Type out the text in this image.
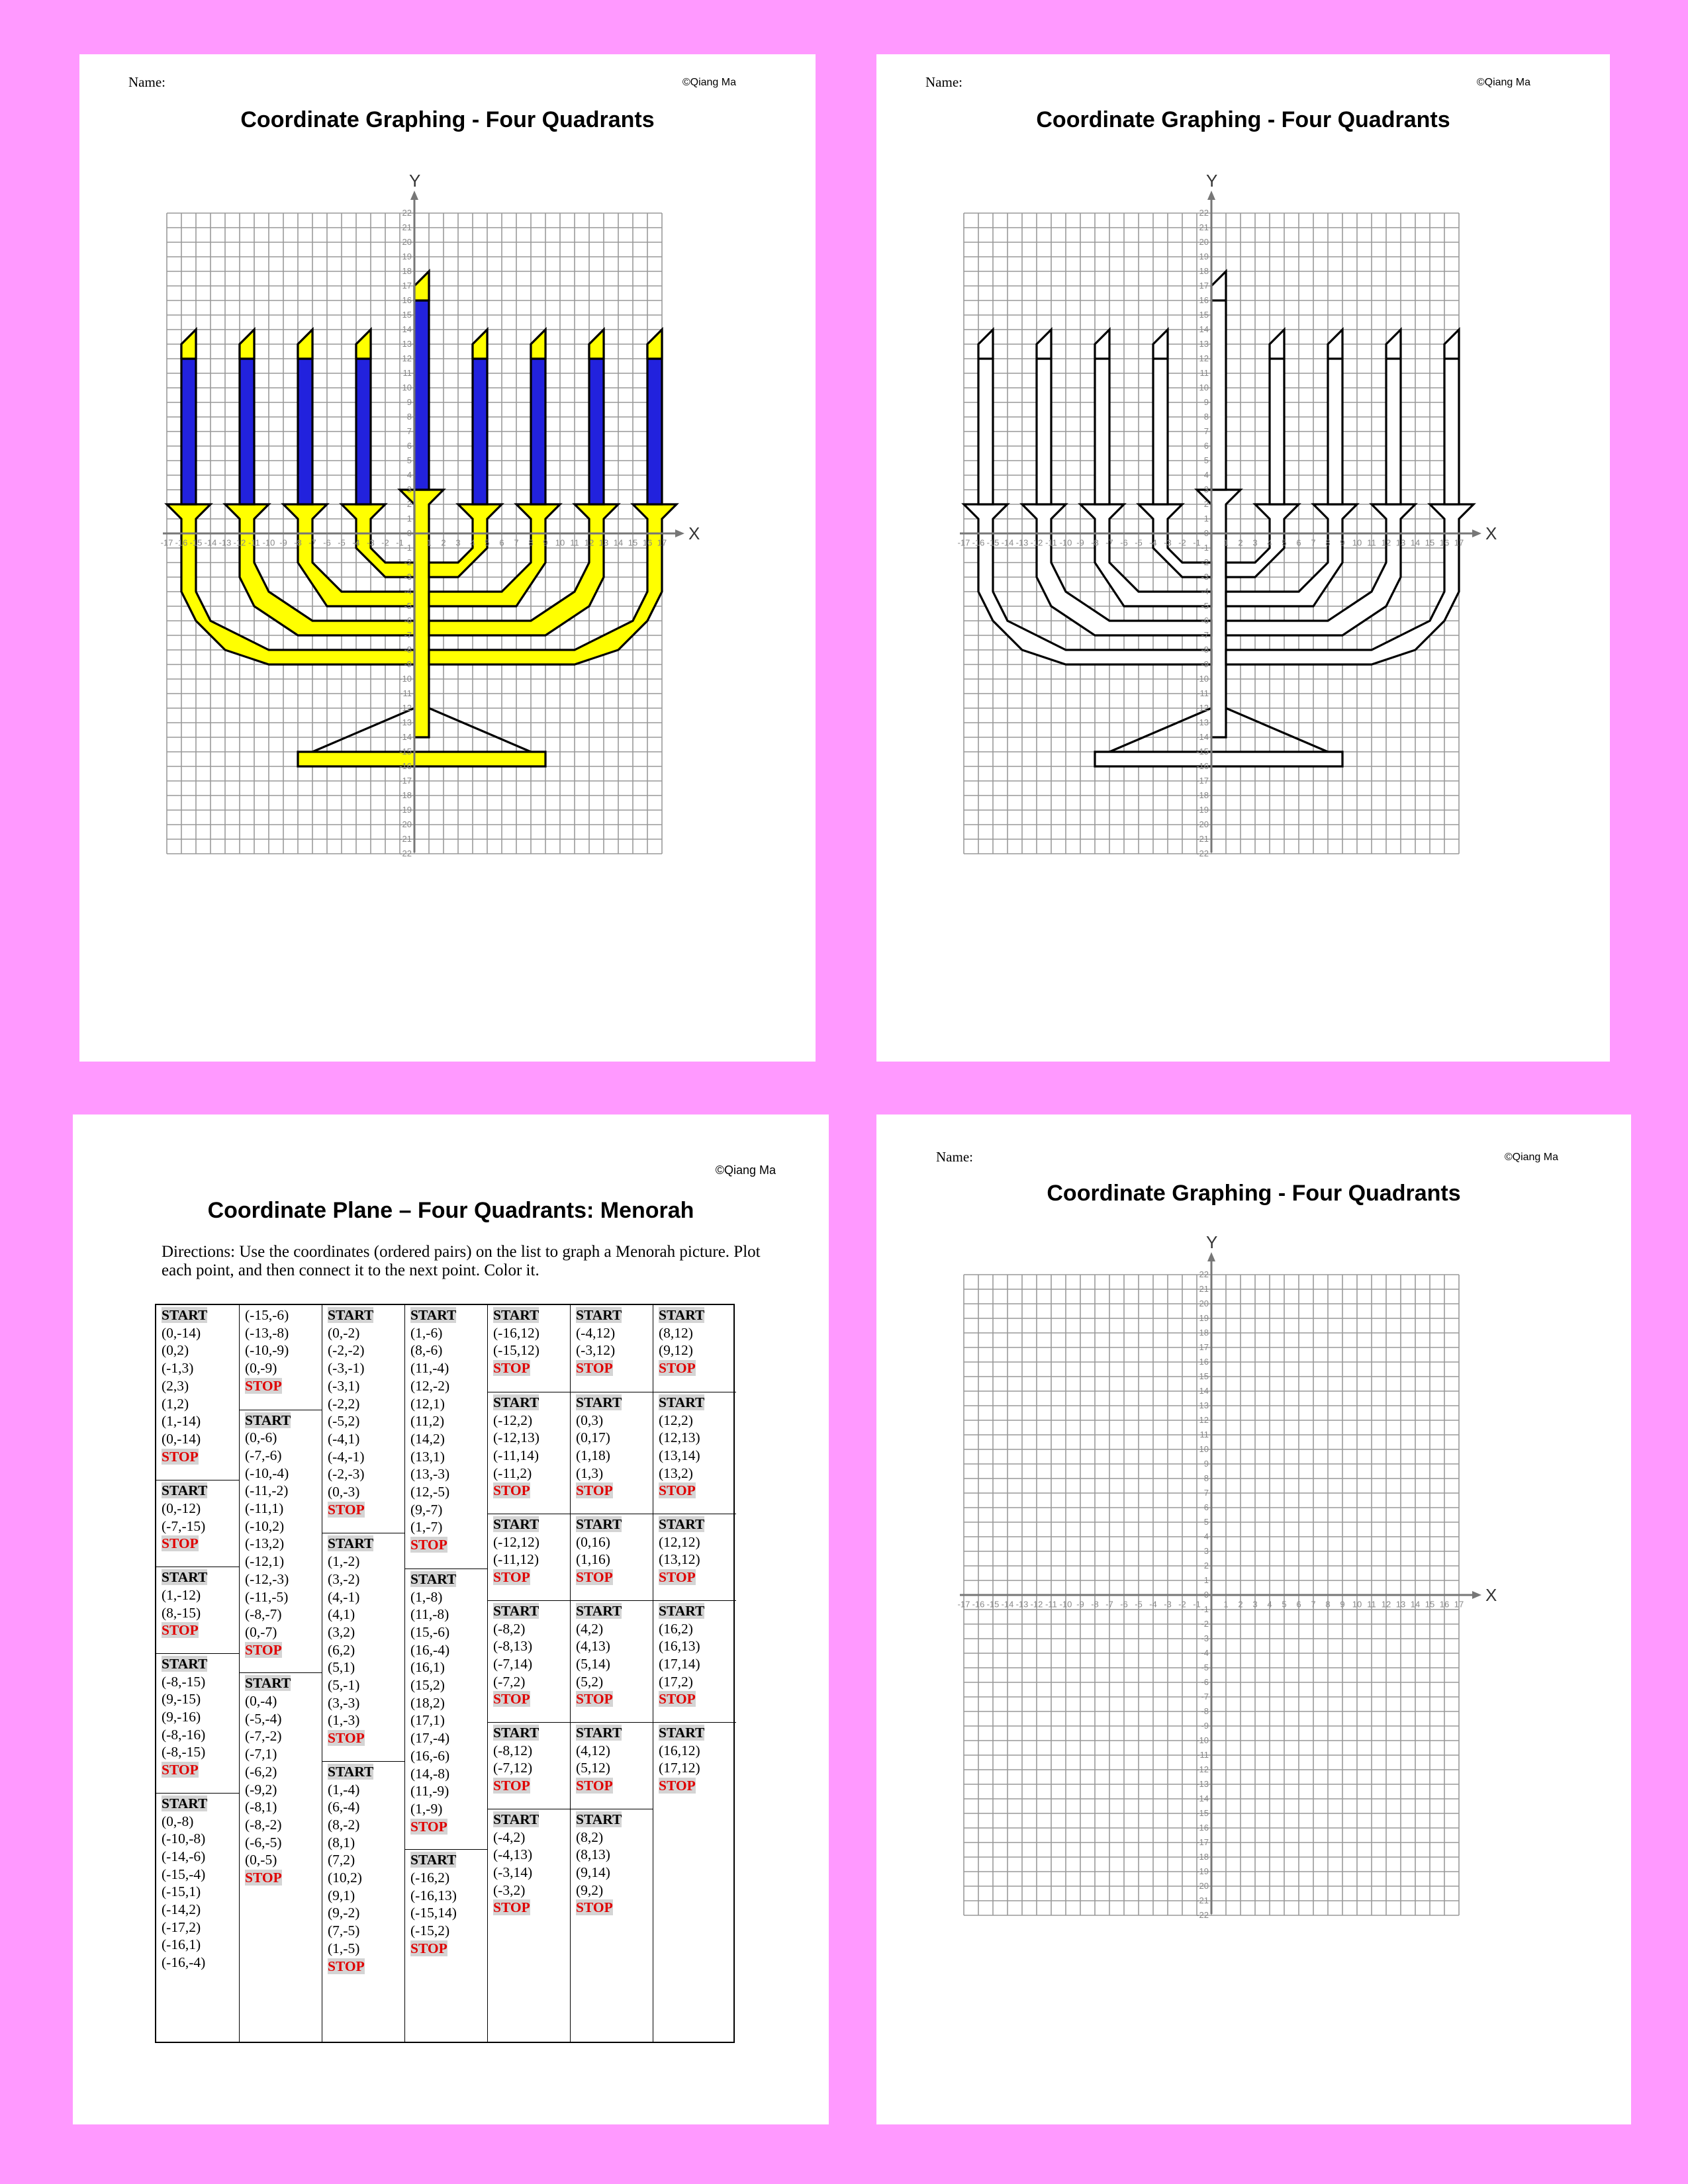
Name:	©Qiang Ma
Coordinate Graphing - Four Quadrants
X
Y
-17 -16 -15 -14 -13 -12 -11 -10 -9 -8 -7 -6 -5 -4 -3 -2 -1	1 2 3 4 5 6 7 8 9 10 11 12 13 14 15 16 17
-22
-21
-20
-19
-18
-17
-16
-15
-14
-13
-12
-11
-10
-9
-8
-7
-6
-5
-4
-3
-2
-1
0
1
2
3
4
5
6
7
8
9
10
11
12
13
14
15
16
17
18
19
20
21
22
Name:	©Qiang Ma
Coordinate Graphing - Four Quadrants
X
Y
-17 -16 -15 -14 -13 -12 -11 -10 -9 -8 -7 -6 -5 -4 -3 -2 -1	1 2 3 4 5 6 7 8 9 10 11 12 13 14 15 16 17
-22
-21
-20
-19
-18
-17
-16
-15
-14
-13
-12
-11
-10
-9
-8
-7
-6
-5
-4
-3
-2
-1
0
1
2
3
4
5
6
7
8
9
10
11
12
13
14
15
16
17
18
19
20
21
22
©Qiang Ma
Coordinate Plane – Four Quadrants: Menorah
Directions: Use the coordinates (ordered pairs) on the list to graph a Menorah picture. Plot each point, and then connect it to the next point. Color it.
START
(0,-14)
(0,2)
(-1,3)
(2,3)
(1,2)
(1,-14)
(0,-14)
STOP
START
(0,-12)
(-7,-15)
STOP
START
(1,-12)
(8,-15)
STOP
START
(-8,-15)
(9,-15)
(9,-16)
(-8,-16)
(-8,-15)
STOP
START
(0,-8)
(-10,-8)
(-14,-6)
(-15,-4)
(-15,1)
(-14,2)
(-17,2)
(-16,1)
(-16,-4)
(-15,-6)
(-13,-8)
(-10,-9)
(0,-9)
STOP
START
(0,-6)
(-7,-6)
(-10,-4)
(-11,-2)
(-11,1)
(-10,2)
(-13,2)
(-12,1)
(-12,-3)
(-11,-5)
(-8,-7)
(0,-7)
STOP
START
(0,-4)
(-5,-4)
(-7,-2)
(-7,1)
(-6,2)
(-9,2)
(-8,1)
(-8,-2)
(-6,-5)
(0,-5)
STOP
START
(0,-2)
(-2,-2)
(-3,-1)
(-3,1)
(-2,2)
(-5,2)
(-4,1)
(-4,-1)
(-2,-3)
(0,-3)
STOP
START
(1,-2)
(3,-2)
(4,-1)
(4,1)
(3,2)
(6,2)
(5,1)
(5,-1)
(3,-3)
(1,-3)
STOP
START
(1,-4)
(6,-4)
(8,-2)
(8,1)
(7,2)
(10,2)
(9,1)
(9,-2)
(7,-5)
(1,-5)
STOP
START
(1,-6)
(8,-6)
(11,-4)
(12,-2)
(12,1)
(11,2)
(14,2)
(13,1)
(13,-3)
(12,-5)
(9,-7)
(1,-7)
STOP
START
(1,-8)
(11,-8)
(15,-6)
(16,-4)
(16,1)
(15,2)
(18,2)
(17,1)
(17,-4)
(16,-6)
(14,-8)
(11,-9)
(1,-9)
STOP
START
(-16,2)
(-16,13)
(-15,14)
(-15,2)
STOP
START
(-16,12)
(-15,12)
STOP
START
(-12,2)
(-12,13)
(-11,14)
(-11,2)
STOP
START
(-12,12)
(-11,12)
STOP
START
(-8,2)
(-8,13)
(-7,14)
(-7,2)
STOP
START
(-8,12)
(-7,12)
STOP
START
(-4,2)
(-4,13)
(-3,14)
(-3,2)
STOP
START
(-4,12)
(-3,12)
STOP
START
(0,3)
(0,17)
(1,18)
(1,3)
STOP
START
(0,16)
(1,16)
STOP
START
(4,2)
(4,13)
(5,14)
(5,2)
STOP
START
(4,12)
(5,12)
STOP
START
(8,2)
(8,13)
(9,14)
(9,2)
STOP
START
(8,12)
(9,12)
STOP
START
(12,2)
(12,13)
(13,14)
(13,2)
STOP
START
(12,12)
(13,12)
STOP
START
(16,2)
(16,13)
(17,14)
(17,2)
STOP
START
(16,12)
(17,12)
STOP
Name:	©Qiang Ma
Coordinate Graphing - Four Quadrants
X
Y
-17 -16 -15 -14 -13 -12 -11 -10 -9 -8 -7 -6 -5 -4 -3 -2 -1	1 2 3 4 5 6 7 8 9 10 11 12 13 14 15 16 17
-22
-21
-20
-19
-18
-17
-16
-15
-14
-13
-12
-11
-10
-9
-8
-7
-6
-5
-4
-3
-2
-1
0
1
2
3
4
5
6
7
8
9
10
11
12
13
14
15
16
17
18
19
20
21
22
